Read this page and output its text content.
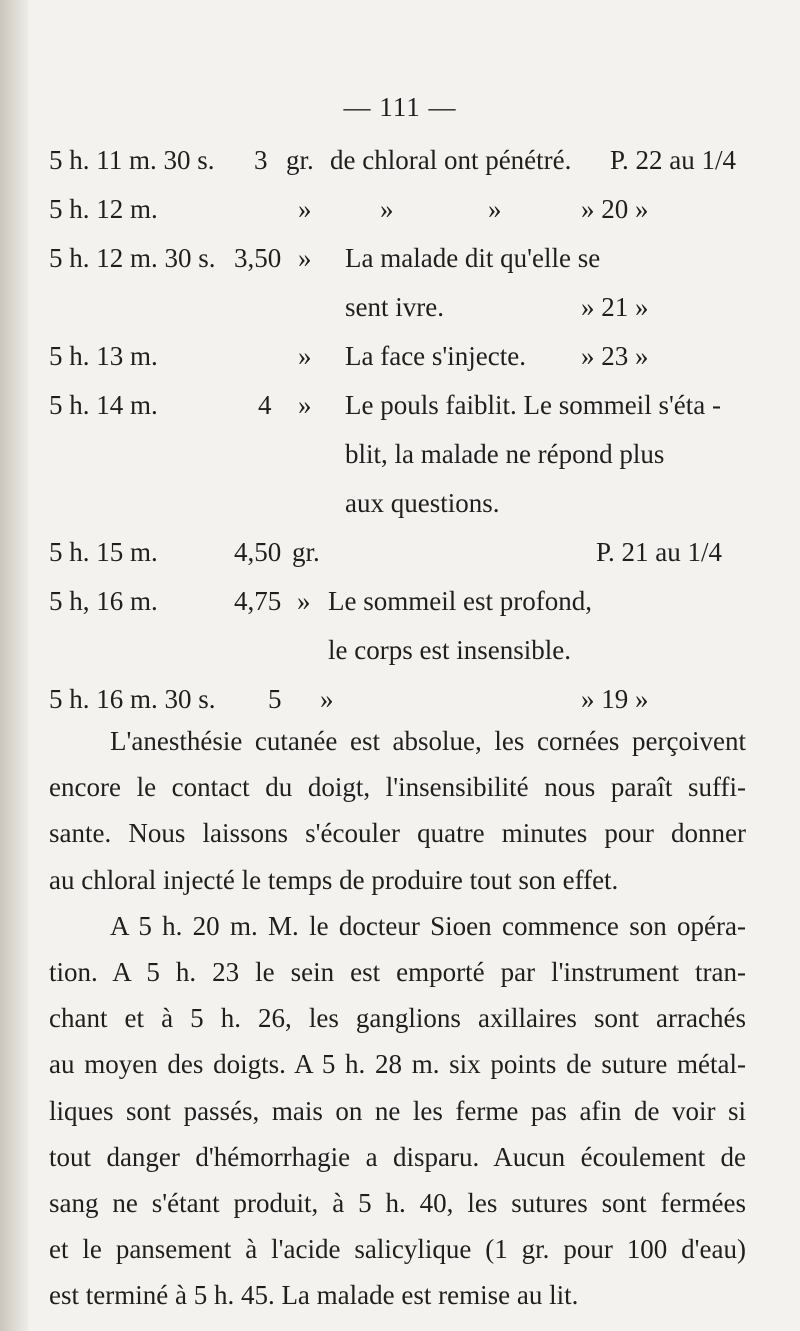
— 111 —
5 h. 11 m. 30 s. 3 gr. de chloral ont pénétré. P. 22 au 1/4
5 h. 12 m.	»	»	»	» 20 »
5 h. 12 m. 30 s. 3,50 » La malade dit qu'elle se
sent ivre.	» 21 »
5 h. 13 m.	» La face s'injecte. » 23 »
5 h. 14 m.	4 » Le pouls faiblit. Le sommeil s'éta -
blit, la malade ne répond plus
aux questions.
5 h. 15 m.	4,50 gr.	P. 21 au 1/4
5 h, 16 m.	4,75 » Le sommeil est profond,
le corps est insensible.
5 h. 16 m. 30 s. 5 »	» 19 »
L'anesthésie cutanée est absolue, les cornées perçoivent
encore le contact du doigt, l'insensibilité nous paraît suffi-
sante. Nous laissons s'écouler quatre minutes pour donner
au chloral injecté le temps de produire tout son effet.
A 5 h. 20 m. M. le docteur Sioen commence son opéra-
tion. A 5 h. 23 le sein est emporté par l'instrument tran-
chant et à 5 h. 26, les ganglions axillaires sont arrachés
au moyen des doigts. A 5 h. 28 m. six points de suture métal-
liques sont passés, mais on ne les ferme pas afin de voir si
tout danger d'hémorrhagie a disparu. Aucun écoulement de
sang ne s'étant produit, à 5 h. 40, les sutures sont fermées
et le pansement à l'acide salicylique (1 gr. pour 100 d'eau)
est terminé à 5 h. 45. La malade est remise au lit.
